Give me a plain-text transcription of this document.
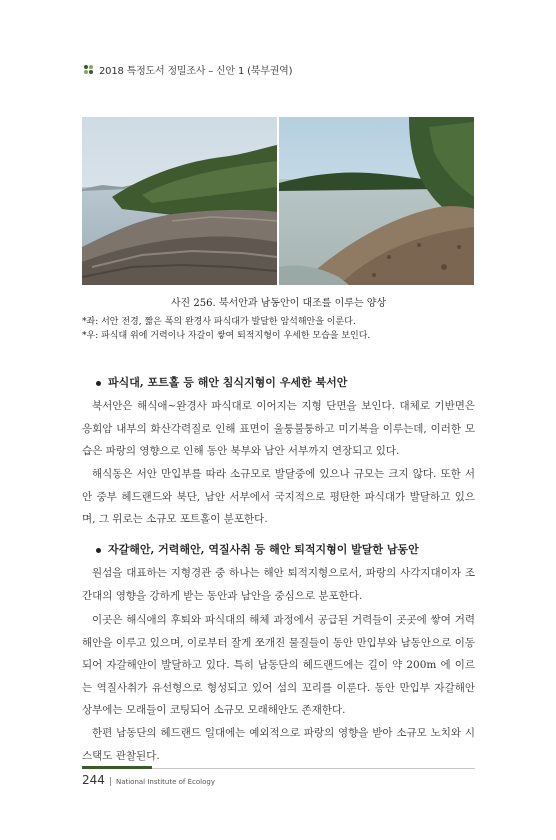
2018 특정도서 정밀조사 – 신안 1 (북부권역)
사진 256. 북서안과 남동안이 대조를 이루는 양상
*좌: 서안 전경, 짧은 폭의 완경사 파식대가 발달한 암석해안을 이룬다.
*우: 파식대 위에 거력이나 자갈이 쌓여 퇴적지형이 우세한 모습을 보인다.
파식대, 포트홀 등 해안 침식지형이 우세한 북서안
북서안은 해식애~완경사 파식대로 이어지는 지형 단면을 보인다. 대체로 기반면은 응회암 내부의 화산각력질로 인해 표면이 울퉁불퉁하고 미기복을 이루는데, 이러한 모습은 파랑의 영향으로 인해 동안 북부와 남안 서부까지 연장되고 있다.
해식동은 서안 만입부를 따라 소규모로 발달중에 있으나 규모는 크지 않다. 또한 서안 중부 헤드랜드와 북단, 남안 서부에서 국지적으로 평탄한 파식대가 발달하고 있으며, 그 위로는 소규모 포트홀이 분포한다.
자갈해안, 거력해안, 역질사취 등 해안 퇴적지형이 발달한 남동안
원섬을 대표하는 지형경관 중 하나는 해안 퇴적지형으로서, 파랑의 사각지대이자 조간대의 영향을 강하게 받는 동안과 남안을 중심으로 분포한다.
이곳은 해식애의 후퇴와 파식대의 해체 과정에서 공급된 거력들이 곳곳에 쌓여 거력해안을 이루고 있으며, 이로부터 잘게 쪼개진 물질들이 동안 만입부와 남동안으로 이동되어 자갈해안이 발달하고 있다. 특히 남동단의 헤드랜드에는 길이 약 200m 에 이르는 역질사취가 유선형으로 형성되고 있어 섬의 꼬리를 이룬다. 동안 만입부 자갈해안 상부에는 모래들이 코팅되어 소규모 모래해안도 존재한다.
한편 남동단의 헤드랜드 일대에는 예외적으로 파랑의 영향을 받아 소규모 노치와 시스택도 관찰된다.
244 | National Institute of Ecology
